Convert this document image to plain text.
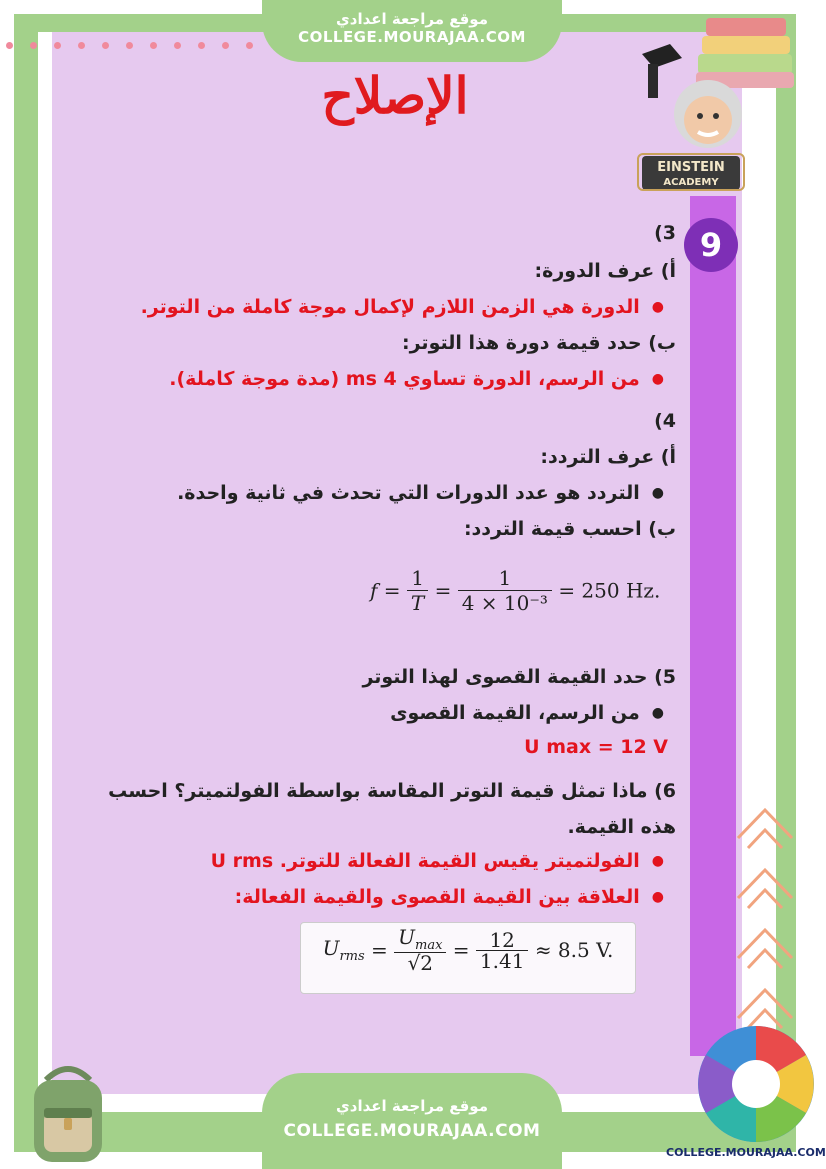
موقع مراجعة اعدادي
COLLEGE.MOURAJAA.COM
الإصلاح
EINSTEIN
ACADEMY
9
3)
أ) عرف الدورة:
● الدورة هي الزمن اللازم لإكمال موجة كاملة من التوتر.
ب) حدد قيمة دورة هذا التوتر:
● من الرسم، الدورة تساوي 4 ms (مدة موجة كاملة).
4)
أ) عرف التردد:
● التردد هو عدد الدورات التي تحدث في ثانية واحدة.
ب) احسب قيمة التردد:
$f = \frac{1}{T} = \frac{1}{\text{4 × 10⁻³}} = 250$ Hz.
5) حدد القيمة القصوى لهذا التوتر
● من الرسم، القيمة القصوى
U max = 12 V
6) ماذا تمثل قيمة التوتر المقاسة بواسطة الفولتميتر؟ احسب
هذه القيمة.
● الفولتميتر يقيس القيمة الفعالة للتوتر. U rms
● العلاقة بين القيمة القصوى والقيمة الفعالة:
$U_{rms} = \frac{U_{max}}{√2} = \frac{12}{1.41} \approx 8.5$ V.
موقع مراجعة اعدادي
COLLEGE.MOURAJAA.COM
COLLEGE.MOURAJAA.COM
